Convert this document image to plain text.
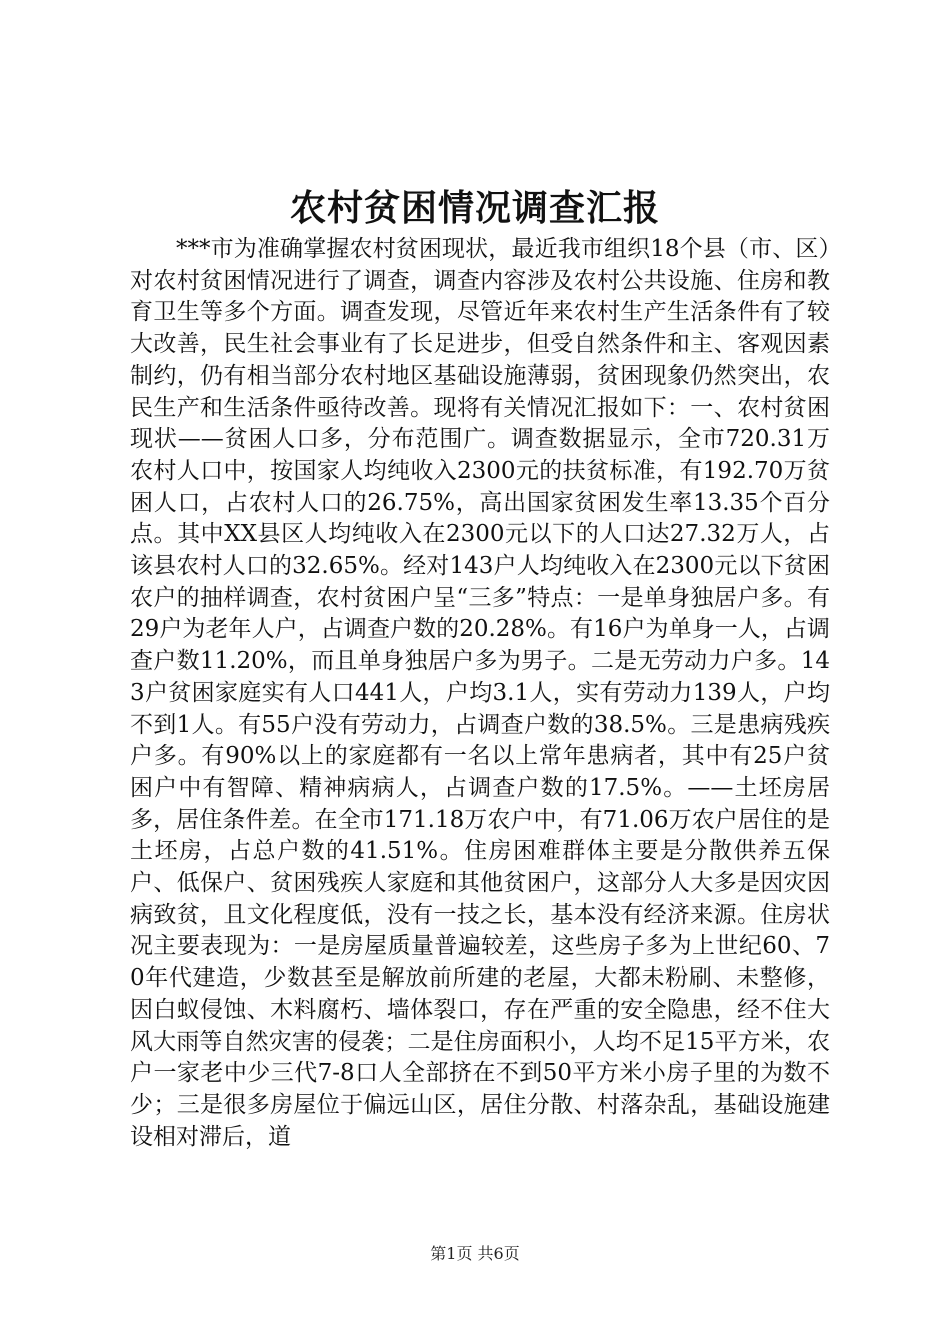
农村贫困情况调查汇报

***市为准确掌握农村贫困现状，最近我市组织18个县（市、区）对农村贫困情况进行了调查，调查内容涉及农村公共设施、住房和教育卫生等多个方面。调查发现，尽管近年来农村生产生活条件有了较大改善，民生社会事业有了长足进步，但受自然条件和主、客观因素制约，仍有相当部分农村地区基础设施薄弱，贫困现象仍然突出，农民生产和生活条件亟待改善。现将有关情况汇报如下：一、农村贫困现状——贫困人口多，分布范围广。调查数据显示，全市720.31万农村人口中，按国家人均纯收入2300元的扶贫标准，有192.70万贫困人口，占农村人口的26.75%，高出国家贫困发生率13.35个百分点。其中XX县区人均纯收入在2300元以下的人口达27.32万人，占该县农村人口的32.65%。经对143户人均纯收入在2300元以下贫困农户的抽样调查，农村贫困户呈“三多”特点：一是单身独居户多。有29户为老年人户，占调查户数的20.28%。有16户为单身一人，占调查户数11.20%，而且单身独居户多为男子。二是无劳动力户多。143户贫困家庭实有人口441人，户均3.1人，实有劳动力139人，户均不到1人。有55户没有劳动力，占调查户数的38.5%。三是患病残疾户多。有90%以上的家庭都有一名以上常年患病者，其中有25户贫困户中有智障、精神病病人，占调查户数的17.5%。——土坯房居多，居住条件差。在全市171.18万农户中，有71.06万农户居住的是土坯房，占总户数的41.51%。住房困难群体主要是分散供养五保户、低保户、贫困残疾人家庭和其他贫困户，这部分人大多是因灾因病致贫，且文化程度低，没有一技之长，基本没有经济来源。住房状况主要表现为：一是房屋质量普遍较差，这些房子多为上世纪60、70年代建造，少数甚至是解放前所建的老屋，大都未粉刷、未整修，因白蚁侵蚀、木料腐朽、墙体裂口，存在严重的安全隐患，经不住大风大雨等自然灾害的侵袭；二是住房面积小，人均不足15平方米，农户一家老中少三代7-8口人全部挤在不到50平方米小房子里的为数不少；三是很多房屋位于偏远山区，居住分散、村落杂乱，基础设施建设相对滞后，道

第1页 共6页
